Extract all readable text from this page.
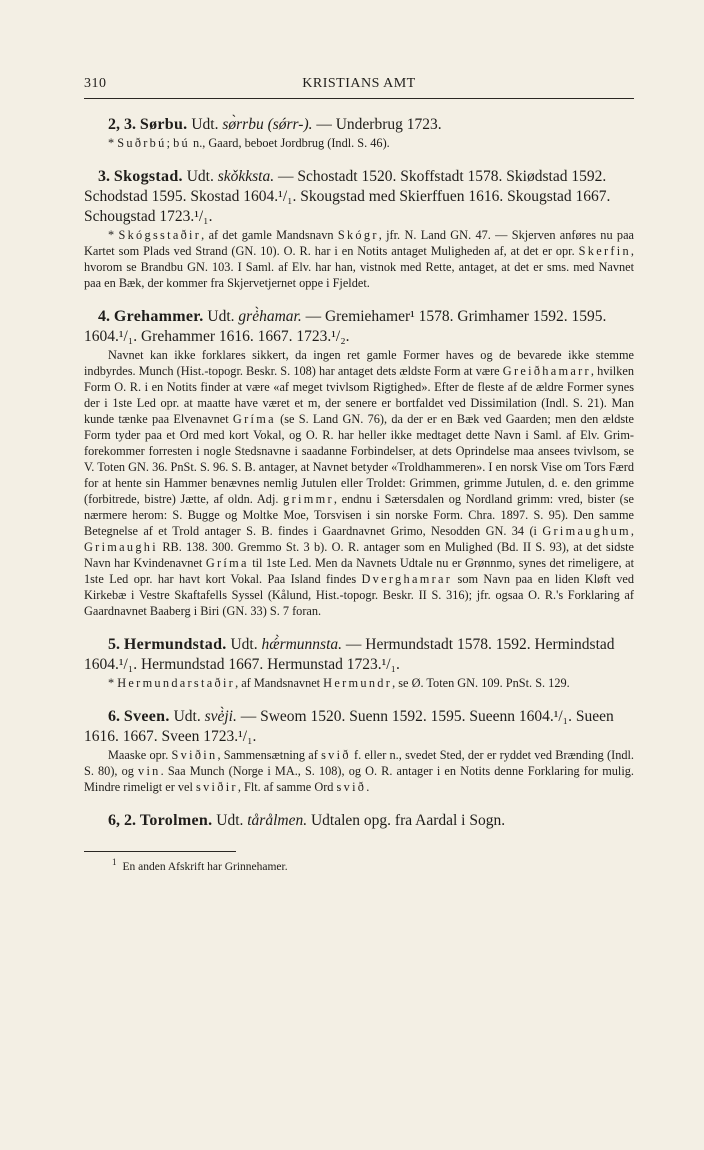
310	KRISTIANS AMT

2, 3. Sørbu. Udt. sø̀rrbu (sǿrr-). — Underbrug 1723.

* Suðrbú; bú n., Gaard, beboet Jordbrug (Indl. S. 46).

3. Skogstad. Udt. skǒkksta. — Schostadt 1520. Skoffstadt 1578. Skiødstad 1592. Schodstad 1595. Skostad 1604.¹/₁. Skougstad med Skierffuen 1616. Skougstad 1667. Schougstad 1723.¹/₁.

* Skógsstaðir, af det gamle Mandsnavn Skógr, jfr. N. Land GN. 47. — Skjerven anføres nu paa Kartet som Plads ved Strand (GN. 10). O. R. har i en Notits antaget Muligheden af, at det er opr. Skerfin, hvorom se Brandbu GN. 103. I Saml. af Elv. har han, vistnok med Rette, antaget, at det er sms. med Navnet paa en Bæk, der kommer fra Skjervetjernet oppe i Fjeldet.

4. Grehammer. Udt. grė̀hamar. — Gremiehamer¹ 1578. Grimhamer 1592. 1595. 1604.¹/₁. Grehammer 1616. 1667. 1723.¹/₂.

Navnet kan ikke forklares sikkert, da ingen ret gamle Former haves og de bevarede ikke stemme indbyrdes. Munch (Hist.-topogr. Beskr. S. 108) har antaget dets ældste Form at være Greiðhamarr, hvilken Form O. R. i en Notits finder at være «af meget tvivlsom Rigtighed». Efter de fleste af de ældre Former synes der i 1ste Led opr. at maatte have været et m, der senere er bortfaldet ved Dissimilation (Indl. S. 21). Man kunde tænke paa Elvenavnet Gríma (se S. Land GN. 76), da der er en Bæk ved Gaarden; men den ældste Form tyder paa et Ord med kort Vokal, og O. R. har heller ikke medtaget dette Navn i Saml. af Elv. Grim- forekommer forresten i nogle Stedsnavne i saadanne Forbindelser, at dets Oprindelse maa ansees tvivlsom, se V. Toten GN. 36. PnSt. S. 96. S. B. antager, at Navnet betyder «Troldhammeren». I en norsk Vise om Tors Færd for at hente sin Hammer benævnes nemlig Jutulen eller Troldet: Grimmen, grimme Jutulen, d. e. den grimme (forbitrede, bistre) Jætte, af oldn. Adj. grimmr, endnu i Sætersdalen og Nordland grimm: vred, bister (se nærmere herom: S. Bugge og Moltke Moe, Torsvisen i sin norske Form. Chra. 1897. S. 95). Den samme Betegnelse af et Trold antager S. B. findes i Gaardnavnet Grimo, Nesodden GN. 34 (i Grimaughum, Grimaughi RB. 138. 300. Gremmo St. 3 b). O. R. antager som en Mulighed (Bd. II S. 93), at det sidste Navn har Kvindenavnet Gríma til 1ste Led. Men da Navnets Udtale nu er Grønnmo, synes det rimeligere, at 1ste Led opr. har havt kort Vokal. Paa Island findes Dverghamrar som Navn paa en liden Kløft ved Kirkebæ i Vestre Skaftafells Syssel (Kålund, Hist.-topogr. Beskr. II S. 316); jfr. ogsaa O. R.'s Forklaring af Gaardnavnet Baaberg i Biri (GN. 33) S. 7 foran.

5. Hermundstad. Udt. hǽ̀rmunnsta. — Hermundstadt 1578. 1592. Hermindstad 1604.¹/₁. Hermundstad 1667. Hermunstad 1723.¹/₁.

* Hermundarstaðir, af Mandsnavnet Hermundr, se Ø. Toten GN. 109. PnSt. S. 129.

6. Sveen. Udt. svė̀ji. — Sweom 1520. Suenn 1592. 1595. Sueenn 1604.¹/₁. Sueen 1616. 1667. Sveen 1723.¹/₁.

Maaske opr. Sviðin, Sammensætning af svið f. eller n., svedet Sted, der er ryddet ved Brænding (Indl. S. 80), og vin. Saa Munch (Norge i MA., S. 108), og O. R. antager i en Notits denne Forklaring for mulig. Mindre rimeligt er vel sviðir, Flt. af samme Ord svið.

6, 2. Torolmen. Udt. tårålmen. Udtalen opg. fra Aardal i Sogn.

$^1$ En anden Afskrift har Grinnehamer.
